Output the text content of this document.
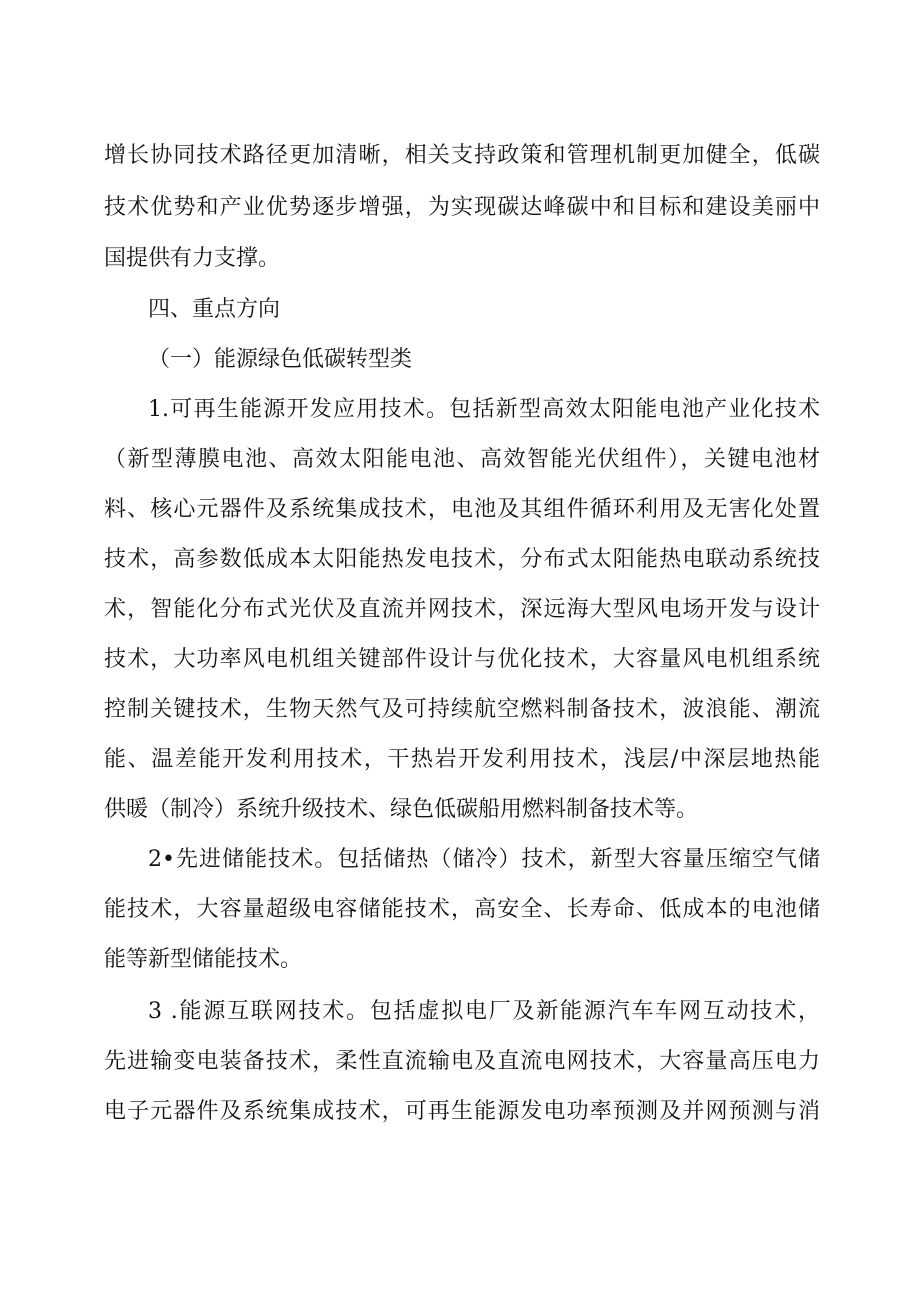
增长协同技术路径更加清晰，相关支持政策和管理机制更加健全，低碳
技术优势和产业优势逐步增强，为实现碳达峰碳中和目标和建设美丽中
国提供有力支撑。
四、重点方向
（一）能源绿色低碳转型类
1.可再生能源开发应用技术。包括新型高效太阳能电池产业化技术
（新型薄膜电池、高效太阳能电池、高效智能光伏组件），关键电池材
料、核心元器件及系统集成技术，电池及其组件循环利用及无害化处置
技术，高参数低成本太阳能热发电技术，分布式太阳能热电联动系统技
术，智能化分布式光伏及直流并网技术，深远海大型风电场开发与设计
技术，大功率风电机组关键部件设计与优化技术，大容量风电机组系统
控制关键技术，生物天然气及可持续航空燃料制备技术，波浪能、潮流
能、温差能开发利用技术，干热岩开发利用技术，浅层/中深层地热能
供暖（制冷）系统升级技术、绿色低碳船用燃料制备技术等。
2•先进储能技术。包括储热（储冷）技术，新型大容量压缩空气储
能技术，大容量超级电容储能技术，高安全、长寿命、低成本的电池储
能等新型储能技术。
3 .能源互联网技术。包括虚拟电厂及新能源汽车车网互动技术，
先进输变电装备技术，柔性直流输电及直流电网技术，大容量高压电力
电子元器件及系统集成技术，可再生能源发电功率预测及并网预测与消
